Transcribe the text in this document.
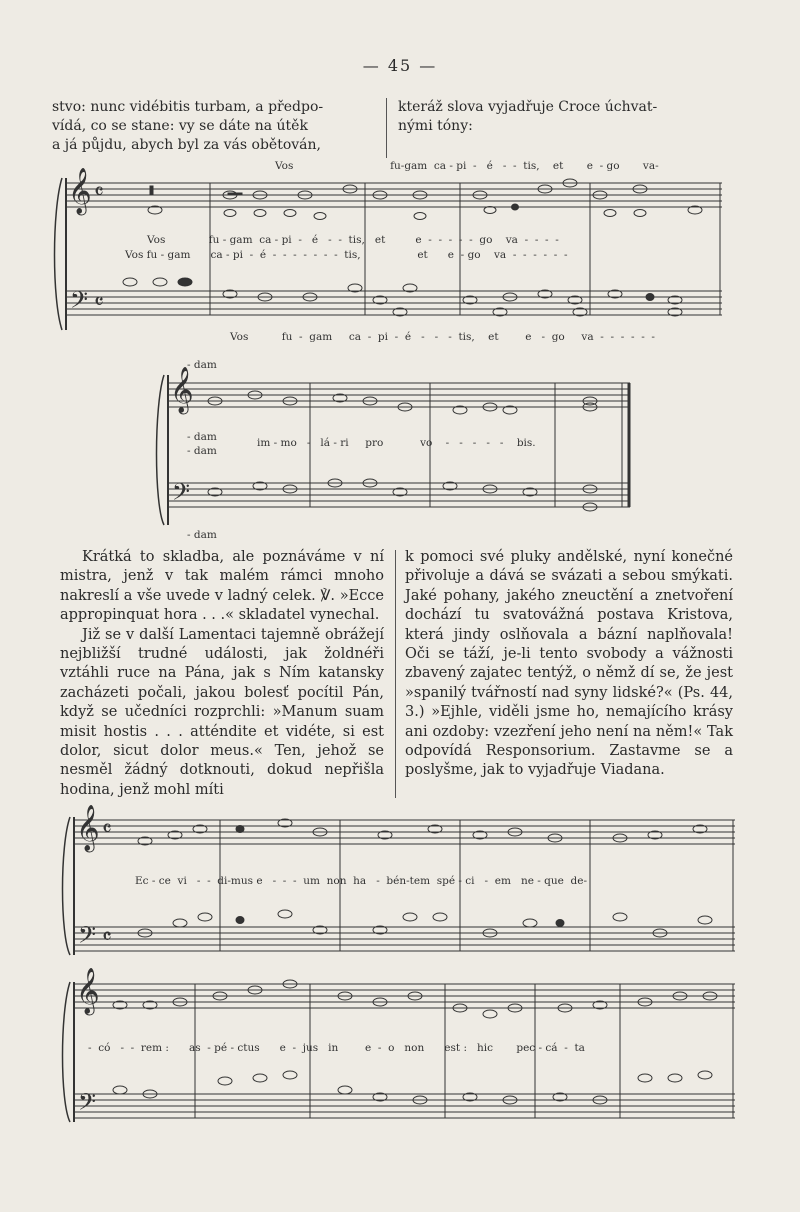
— 45 —
stvo: nunc vidébitis turbam, a předpo-
vídá, co se stane: vy se dáte na útěk
a já půjdu, abych byl za vás obětován,
kteráž slova vyjadřuje Croce úchvat-
nými tóny:
𝄞 𝄴
𝄢 𝄴
Vos                             fu-gam  ca - pi  -   é   -  -  tis,    et       e  - go       va-
Vos             fu - gam  ca - pi  -   é   -  -  tis,   et         e  -  -  -  -  -  go    va  -  -  -  -
Vos fu - gam      ca - pi  -  é  -  -  -  -  -  -  -  tis,                 et      e  - go    va  -  -  -  -  -  -
Vos          fu  -  gam     ca  -  pi  -  é   -   -   -  tis,    et        e   -  go     va  -  -  -  -  -  -
𝄞
𝄢
- dam
- dam
- dam
im - mo   -   lá - ri     pro           vo    -   -   -   -   -    bis.
- dam

Krátká to skladba, ale poznáváme v ní mistra, jenž v tak malém rámci mnoho nakreslí a vše uvede v ladný celek. ℣. »Ecce appropinquat hora . . .« skladatel vynechal.

Již se v další Lamentaci tajemně obrážejí nejbližší trudné události, jak žoldnéři vztáhli ruce na Pána, jak s Ním katansky zacházeti počali, jakou bolesť pocítil Pán, když se učedníci rozprchli: »Manum suam misit hostis . . . atténdite et vidéte, si est dolor, sicut dolor meus.« Ten, jehož se nesměl žádný dotknouti, dokud nepřišla hodina, jenž mohl míti

k pomoci své pluky andělské, nyní konečné přivoluje a dává se svázati a sebou smýkati. Jaké pohany, jakého zneuctění a znetvoření dochází tu svatovážná postava Kristova, která jindy oslňovala a bázní naplňovala! Oči se táží, je-li tento svobody a vážnosti zbavený zajatec tentýž, o němž dí se, že jest »spanilý tvářností nad syny lidské?« (Ps. 44, 3.) »Ejhle, viděli jsme ho, nemajícího krásy ani ozdoby: vzezření jeho není na něm!« Tak odpovídá Responsorium. Zastavme se a poslyšme, jak to vyjadřuje Viadana.

𝄞 𝄴
𝄢 𝄴
Ec - ce  vi   -  -  di-mus e   -  -  -  um  non  ha   -  bén-tem  spé - ci   -  em   ne - que  de-
𝄞
𝄢
-  có   -  -  rem :      as  - pé - ctus      e  -  jus   in        e  -  o   non      est :   hic       pec - cá  -  ta
